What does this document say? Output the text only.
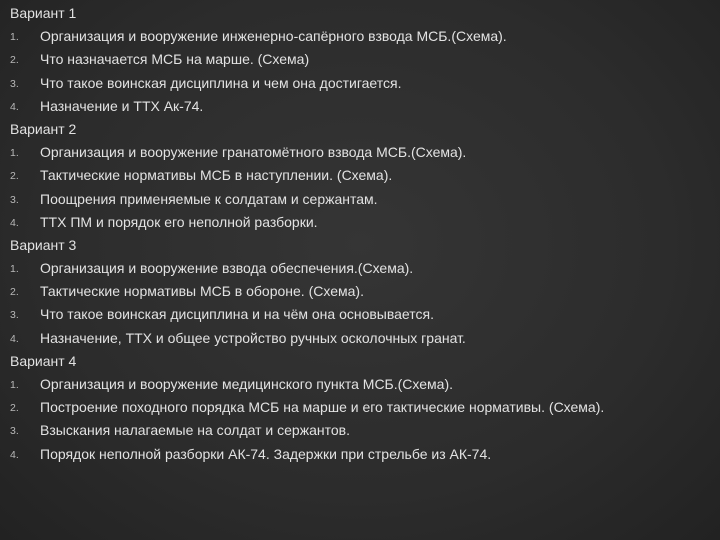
Вариант 1
1. Организация и вооружение инженерно-сапёрного взвода МСБ.(Схема).
2. Что назначается МСБ на марше. (Схема)
3. Что такое воинская дисциплина и чем она достигается.
4. Назначение и ТТХ Ак-74.
Вариант 2
1. Организация и вооружение гранатомётного взвода МСБ.(Схема).
2. Тактические нормативы МСБ в наступлении. (Схема).
3. Поощрения применяемые к солдатам и сержантам.
4. ТТХ ПМ и порядок его неполной разборки.
Вариант 3
1. Организация и вооружение взвода обеспечения.(Схема).
2. Тактические нормативы МСБ в обороне. (Схема).
3. Что такое воинская дисциплина и на чём она основывается.
4. Назначение, ТТХ и общее устройство ручных осколочных гранат.
Вариант 4
1. Организация и вооружение медицинского пункта МСБ.(Схема).
2. Построение походного порядка МСБ на марше и его тактические нормативы. (Схема).
3. Взыскания налагаемые на солдат и сержантов.
4. Порядок неполной разборки АК-74. Задержки при стрельбе из АК-74.
